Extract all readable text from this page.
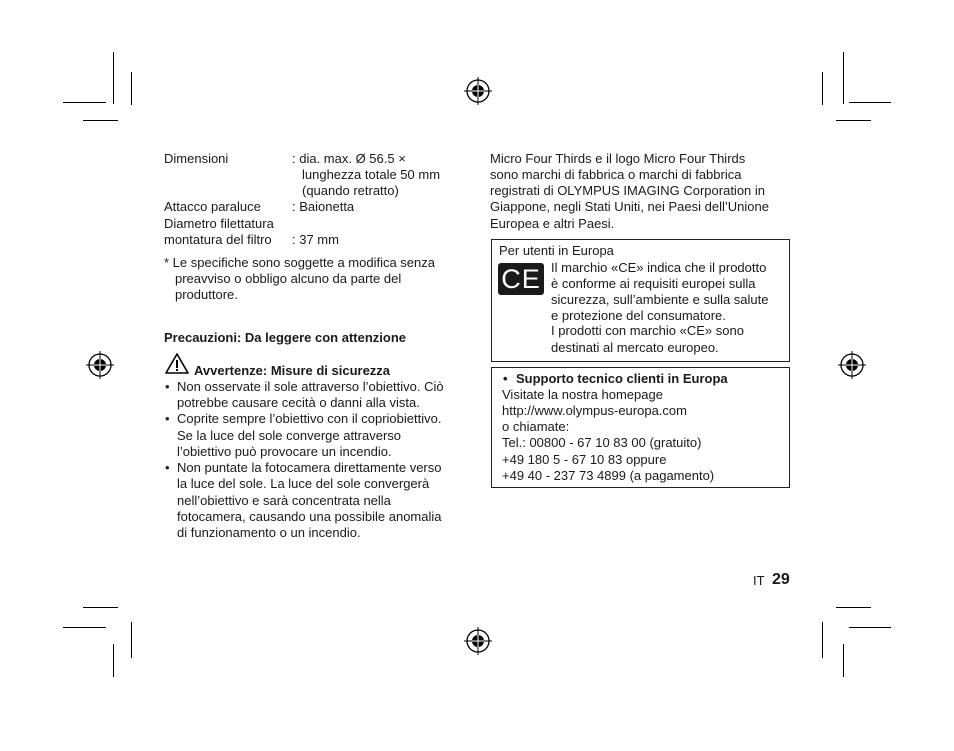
Dimensioni	: dia. max. Ø 56.5 ×
lunghezza totale 50 mm
(quando retratto)
Attacco paraluce : Baionetta
Diametro filettatura
montatura del filtro : 37 mm
* Le specifiche sono soggette a modifica senza
preavviso o obbligo alcuno da parte del
produttore.
Precauzioni: Da leggere con attenzione
Avvertenze: Misure di sicurezza
• Non osservate il sole attraverso l’obiettivo. Ciò
potrebbe causare cecità o danni alla vista.
• Coprite sempre l’obiettivo con il copriobiettivo.
Se la luce del sole converge attraverso
l’obiettivo può provocare un incendio.
• Non puntate la fotocamera direttamente verso
la luce del sole. La luce del sole convergerà
nell’obiettivo e sarà concentrata nella
fotocamera, causando una possibile anomalia
di funzionamento o un incendio.
Micro Four Thirds e il logo Micro Four Thirds
sono marchi di fabbrica o marchi di fabbrica
registrati di OLYMPUS IMAGING Corporation in
Giappone, negli Stati Uniti, nei Paesi dell’Unione
Europea e altri Paesi.
Per utenti in Europa
CE Il marchio «CE» indica che il prodotto
è conforme ai requisiti europei sulla
sicurezza, sull’ambiente e sulla salute
e protezione del consumatore.
I prodotti con marchio «CE» sono
destinati al mercato europeo.
• Supporto tecnico clienti in Europa
Visitate la nostra homepage
http://www.olympus-europa.com
o chiamate:
Tel.: 00800 - 67 10 83 00 (gratuito)
+49 180 5 - 67 10 83 oppure
+49 40 - 237 73 4899 (a pagamento)
IT 29
